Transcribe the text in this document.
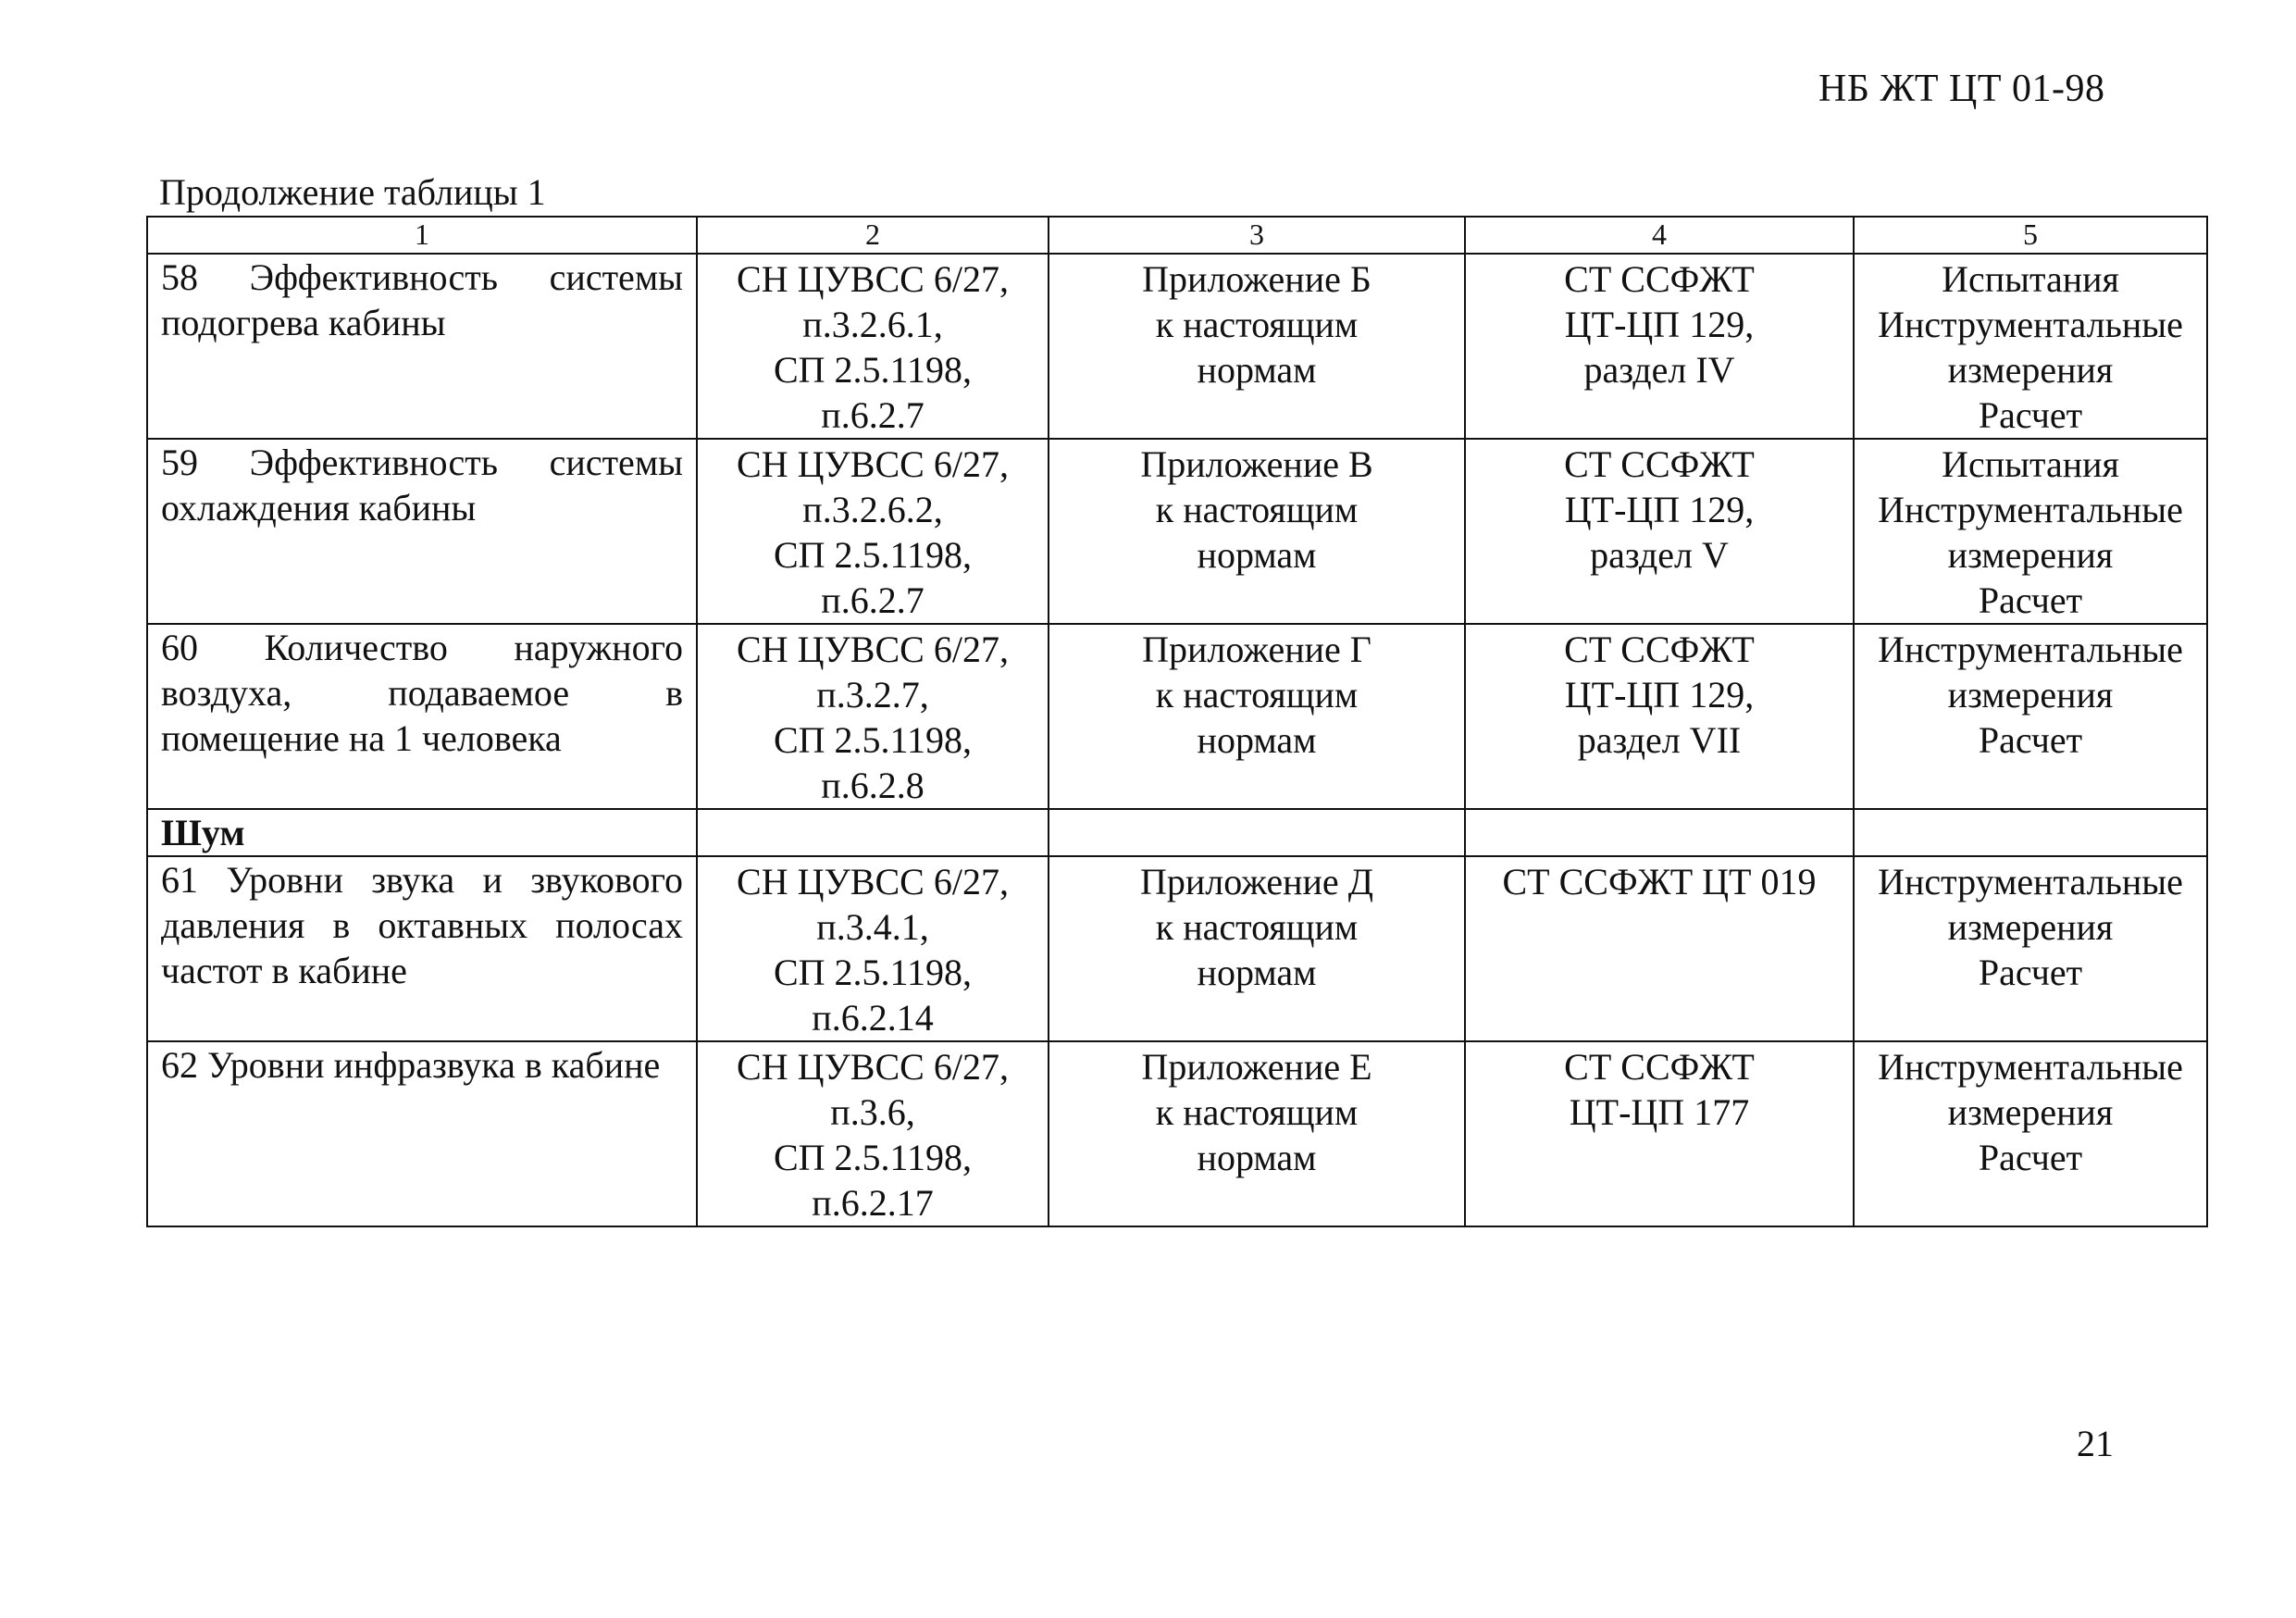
НБ ЖТ ЦТ 01-98
Продолжение таблицы 1
1	2	3	4	5
58 Эффективность системы подогрева кабины	СН ЦУВСС 6/27,
п.3.2.6.1,
СП 2.5.1198,
п.6.2.7	Приложение Б
к настоящим
нормам	СТ ССФЖТ
ЦТ-ЦП 129,
раздел IV	Испытания
Инструментальные
измерения
Расчет

59 Эффективность системы охлаждения кабины	СН ЦУВСС 6/27,
п.3.2.6.2,
СП 2.5.1198,
п.6.2.7	Приложение В
к настоящим
нормам	СТ ССФЖТ
ЦТ-ЦП 129,
раздел V	Испытания
Инструментальные
измерения
Расчет

60 Количество наружного воздуха, подаваемое в помещение на 1 человека	СН ЦУВСС 6/27,
п.3.2.7,
СП 2.5.1198,
п.6.2.8	Приложение Г
к настоящим
нормам	СТ ССФЖТ
ЦТ-ЦП 129,
раздел VII	Инструментальные
измерения
Расчет

Шум				
61 Уровни звука и звукового давления в октавных полосах частот в кабине	СН ЦУВСС 6/27,
п.3.4.1,
СП 2.5.1198,
п.6.2.14	Приложение Д
к настоящим
нормам	СТ ССФЖТ ЦТ 019	Инструментальные
измерения
Расчет

62 Уровни инфразвука в кабине	СН ЦУВСС 6/27,
п.3.6,
СП 2.5.1198,
п.6.2.17	Приложение Е
к настоящим
нормам	СТ ССФЖТ
ЦТ-ЦП 177	Инструментальные
измерения
Расчет
21
